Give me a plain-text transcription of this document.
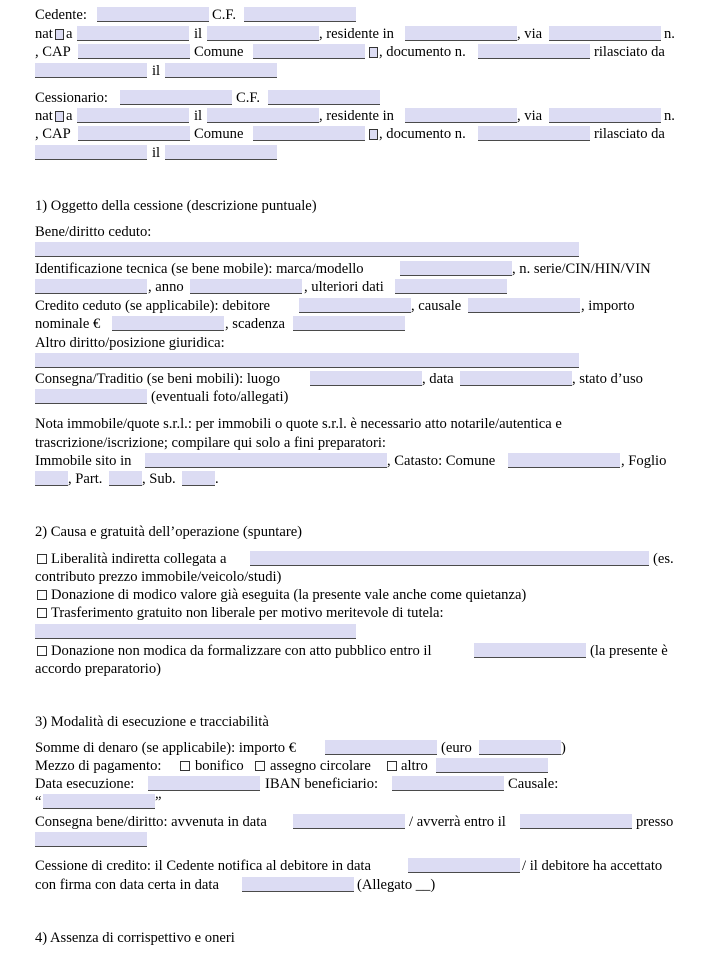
Cedente:	C.F.
nat a	il	, residente in	, via	n.
, CAP	Comune	, documento n.	rilasciato da
il
Cessionario:	C.F.
nat a	il	, residente in	, via	n.
, CAP	Comune	, documento n.	rilasciato da
il
1) Oggetto della cessione (descrizione puntuale)
Bene/diritto ceduto:
Identificazione tecnica (se bene mobile): marca/modello	, n. serie/CIN/HIN/VIN
, anno	, ulteriori dati
Credito ceduto (se applicabile): debitore	, causale	, importo
nominale €	, scadenza
Altro diritto/posizione giuridica:
Consegna/Traditio (se beni mobili): luogo	, data	, stato d’uso
(eventuali foto/allegati)
Nota immobile/quote s.r.l.: per immobili o quote s.r.l. è necessario atto notarile/autentica e
trascrizione/iscrizione; compilare qui solo a fini preparatori:
Immobile sito in	, Catasto: Comune	, Foglio
, Part.	, Sub.	.
2) Causa e gratuità dell’operazione (spuntare)
Liberalità indiretta collegata a	(es.
contributo prezzo immobile/veicolo/studi)
Donazione di modico valore già eseguita (la presente vale anche come quietanza)
Trasferimento gratuito non liberale per motivo meritevole di tutela:
Donazione non modica da formalizzare con atto pubblico entro il	(la presente è
accordo preparatorio)
3) Modalità di esecuzione e tracciabilità
Somme di denaro (se applicabile): importo €	(euro	)
Mezzo di pagamento: bonifico assegno circolare altro
Data esecuzione:	IBAN beneficiario:	Causale:
“	”
Consegna bene/diritto: avvenuta in data	/ avverrà entro il	presso
Cessione di credito: il Cedente notifica al debitore in data	/ il debitore ha accettato
con firma con data certa in data	(Allegato __)
4) Assenza di corrispettivo e oneri
